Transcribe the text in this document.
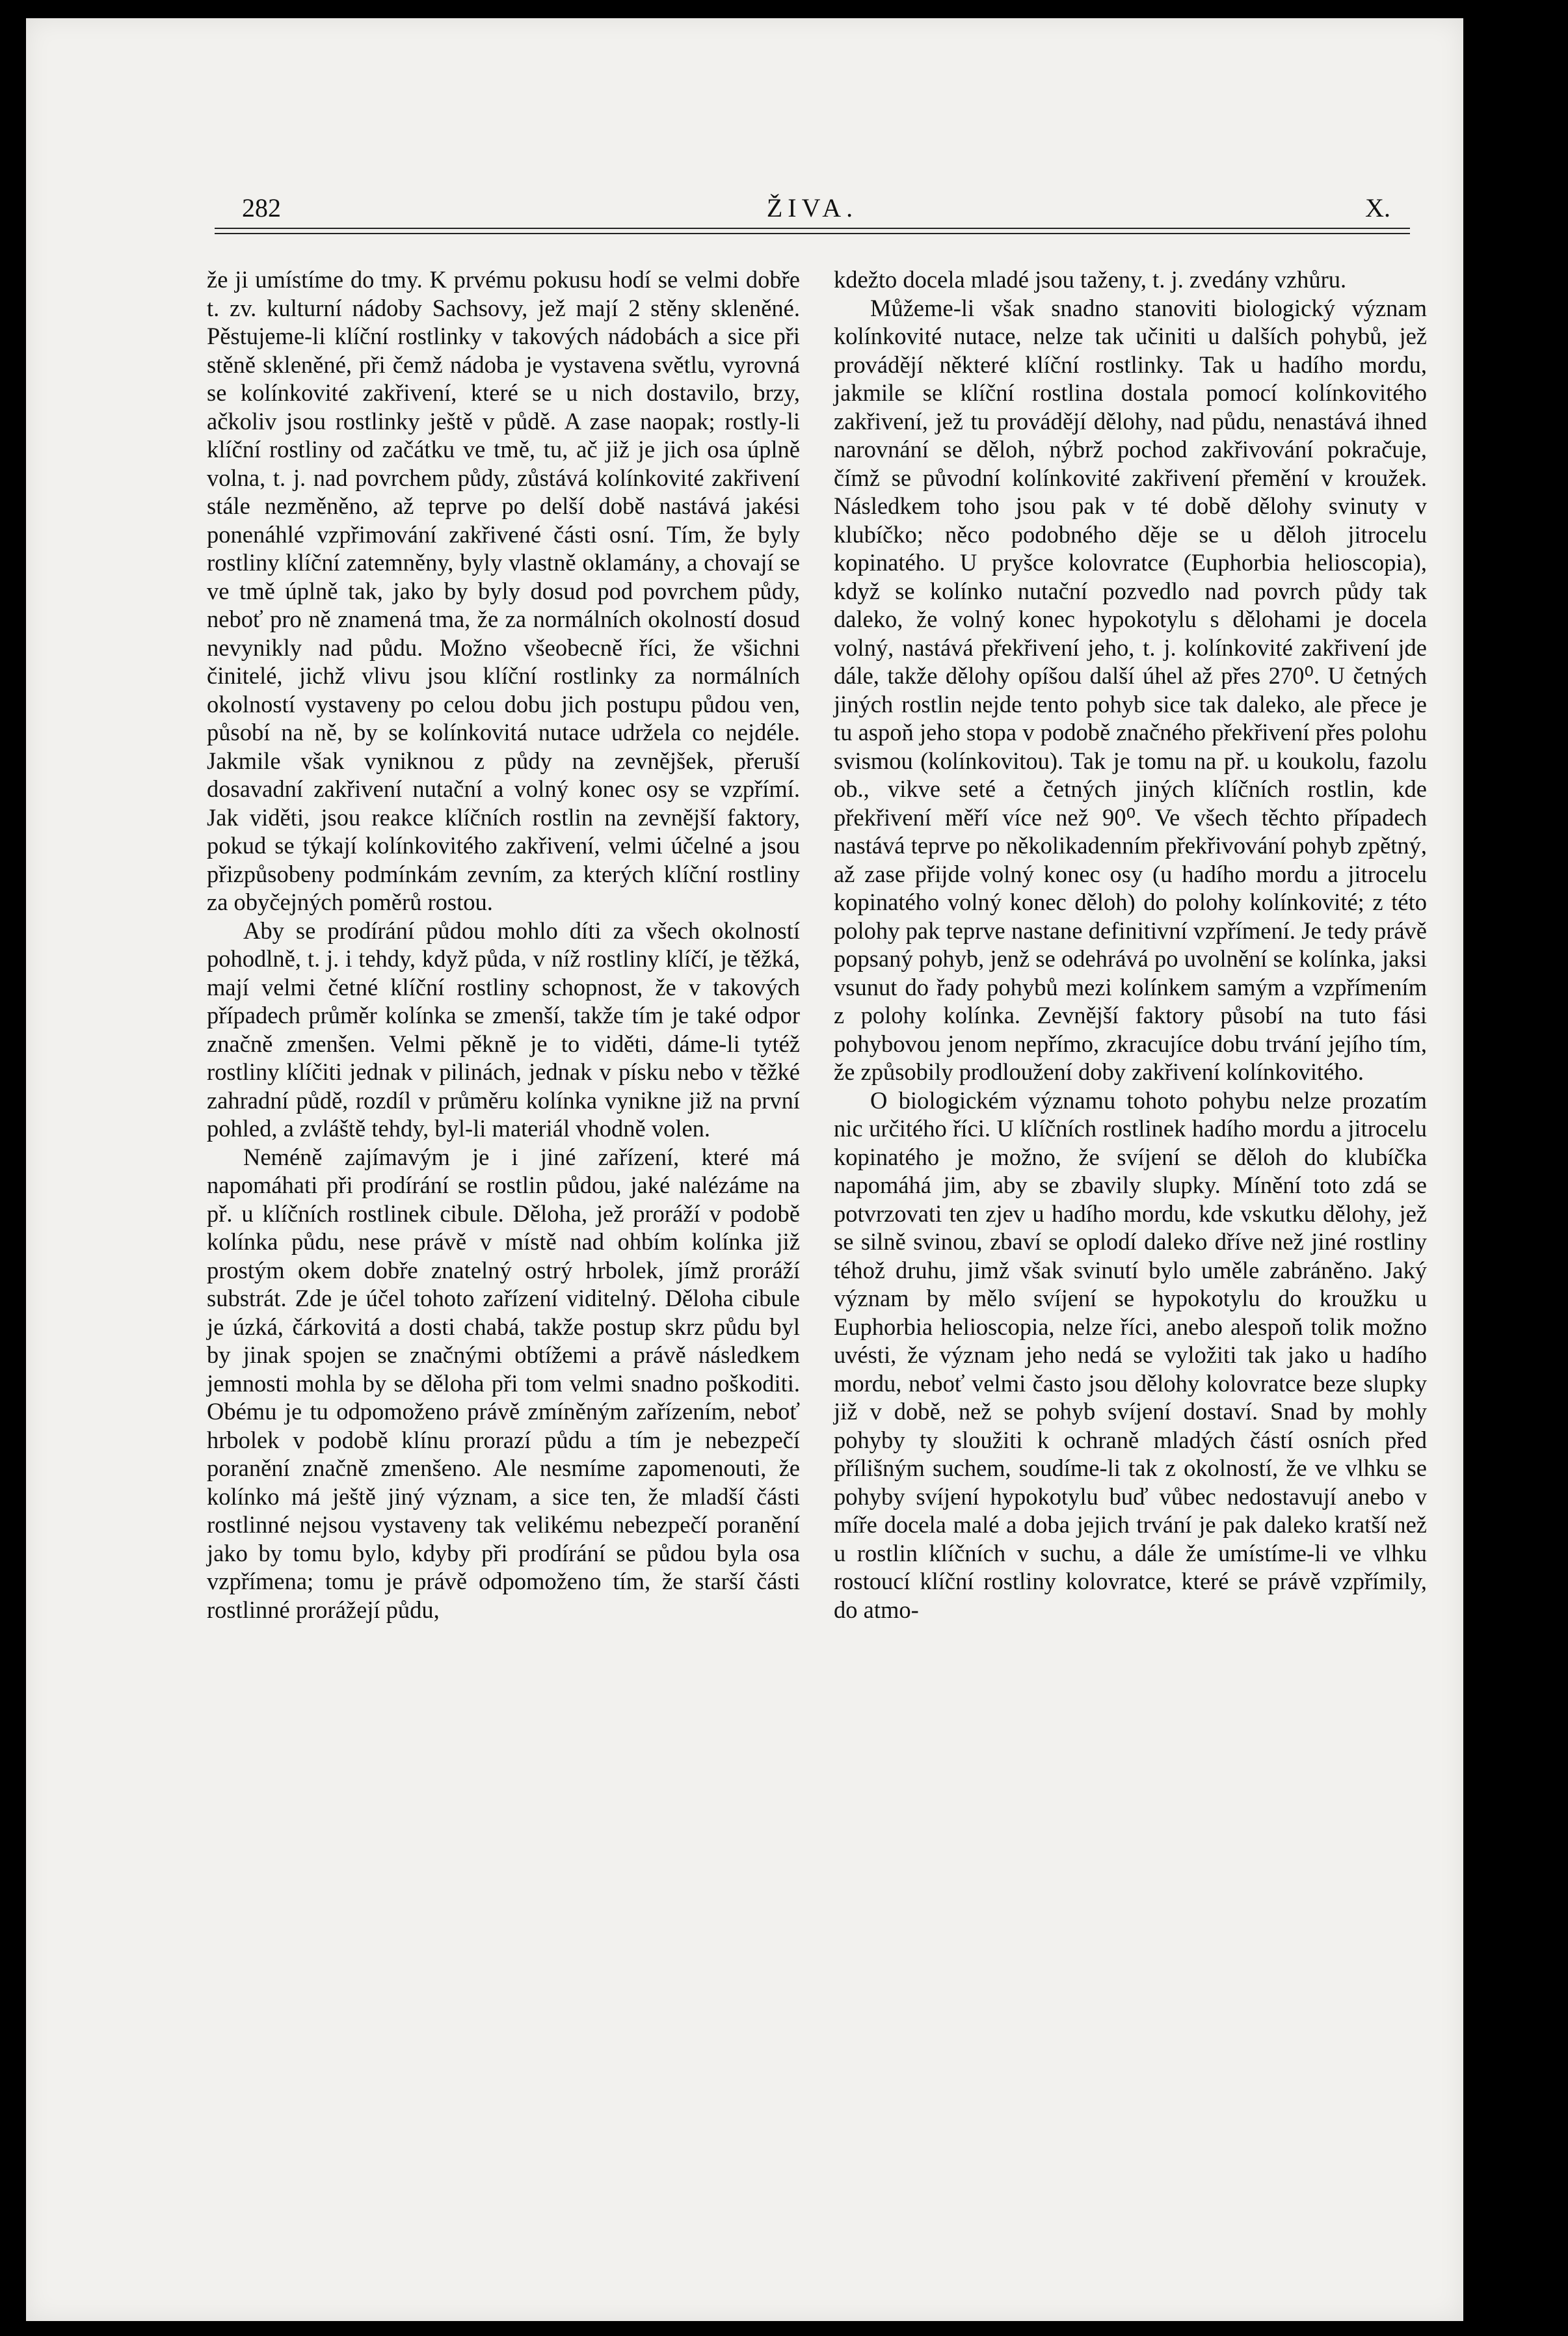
282	ŽIVA.	X.

že ji umístíme do tmy. K prvému pokusu hodí se velmi dobře t. zv. kulturní nádoby Sachsovy, jež mají 2 stěny skleněné. Pěstujeme-li klíční rostlinky v takových nádobách a sice při stěně skleněné, při čemž nádoba je vystavena světlu, vyrovná se kolínkovité zakřivení, které se u nich dostavilo, brzy, ačkoliv jsou rostlinky ještě v půdě. A zase naopak; rostly-li klíční rostliny od začátku ve tmě, tu, ač již je jich osa úplně volna, t. j. nad povrchem půdy, zůstává kolínkovité zakřivení stále nezměněno, až teprve po delší době nastává jakési ponenáhlé vzpřimování zakřivené části osní. Tím, že byly rostliny klíční zatemněny, byly vlastně oklamány, a chovají se ve tmě úplně tak, jako by byly dosud pod povrchem půdy, neboť pro ně znamená tma, že za normálních okolností dosud nevynikly nad půdu. Možno všeobecně říci, že všichni činitelé, jichž vlivu jsou klíční rostlinky za normálních okolností vystaveny po celou dobu jich postupu půdou ven, působí na ně, by se kolínkovitá nutace udržela co nejdéle. Jakmile však vyniknou z půdy na zevnějšek, přeruší dosavadní zakřivení nutační a volný konec osy se vzpřímí. Jak viděti, jsou reakce klíčních rostlin na zevnější faktory, pokud se týkají kolínkovitého zakřivení, velmi účelné a jsou přizpůsobeny podmínkám zevním, za kterých klíční rostliny za obyčejných poměrů rostou.

Aby se prodírání půdou mohlo díti za všech okolností pohodlně, t. j. i tehdy, když půda, v níž rostliny klíčí, je těžká, mají velmi četné klíční rostliny schopnost, že v takových případech průměr kolínka se zmenší, takže tím je také odpor značně zmenšen. Velmi pěkně je to viděti, dáme-li tytéž rostliny klíčiti jednak v pilinách, jednak v písku nebo v těžké zahradní půdě, rozdíl v průměru kolínka vynikne již na první pohled, a zvláště tehdy, byl-li materiál vhodně volen.

Neméně zajímavým je i jiné zařízení, které má napomáhati při prodírání se rostlin půdou, jaké nalézáme na př. u klíčních rostlinek cibule. Děloha, jež proráží v podobě kolínka půdu, nese právě v místě nad ohbím kolínka již prostým okem dobře znatelný ostrý hrbolek, jímž proráží substrát. Zde je účel tohoto zařízení viditelný. Děloha cibule je úzká, čárkovitá a dosti chabá, takže postup skrz půdu byl by jinak spojen se značnými obtížemi a právě následkem jemnosti mohla by se děloha při tom velmi snadno poškoditi. Obému je tu odpomoženo právě zmíněným zařízením, neboť hrbolek v podobě klínu prorazí půdu a tím je nebezpečí poranění značně zmenšeno. Ale nesmíme zapomenouti, že kolínko má ještě jiný význam, a sice ten, že mladší části rostlinné nejsou vystaveny tak velikému nebezpečí poranění jako by tomu bylo, kdyby při prodírání se půdou byla osa vzpřímena; tomu je právě odpomoženo tím, že starší části rostlinné prorážejí půdu,

kdežto docela mladé jsou taženy, t. j. zvedány vzhůru.

Můžeme-li však snadno stanoviti biologický význam kolínkovité nutace, nelze tak učiniti u dalších pohybů, jež provádějí některé klíční rostlinky. Tak u hadího mordu, jakmile se klíční rostlina dostala pomocí kolínkovitého zakřivení, jež tu provádějí dělohy, nad půdu, nenastává ihned narovnání se děloh, nýbrž pochod zakřivování pokračuje, čímž se původní kolínkovité zakřivení přemění v kroužek. Následkem toho jsou pak v té době dělohy svinuty v klubíčko; něco podobného děje se u děloh jitrocelu kopinatého. U pryšce kolovratce (Euphorbia helioscopia), když se kolínko nutační pozvedlo nad povrch půdy tak daleko, že volný konec hypokotylu s dělohami je docela volný, nastává překřivení jeho, t. j. kolínkovité zakřivení jde dále, takže dělohy opíšou další úhel až přes 270⁰. U četných jiných rostlin nejde tento pohyb sice tak daleko, ale přece je tu aspoň jeho stopa v podobě značného překřivení přes polohu svismou (kolínkovitou). Tak je tomu na př. u koukolu, fazolu ob., vikve seté a četných jiných klíčních rostlin, kde překřivení měří více než 90⁰. Ve všech těchto případech nastává teprve po několikadenním překřivování pohyb zpětný, až zase přijde volný konec osy (u hadího mordu a jitrocelu kopinatého volný konec děloh) do polohy kolínkovité; z této polohy pak teprve nastane definitivní vzpřímení. Je tedy právě popsaný pohyb, jenž se odehrává po uvolnění se kolínka, jaksi vsunut do řady pohybů mezi kolínkem samým a vzpřímením z polohy kolínka. Zevnější faktory působí na tuto fási pohybovou jenom nepřímo, zkracujíce dobu trvání jejího tím, že způsobily prodloužení doby zakřivení kolínkovitého.

O biologickém významu tohoto pohybu nelze prozatím nic určitého říci. U klíčních rostlinek hadího mordu a jitrocelu kopinatého je možno, že svíjení se děloh do klubíčka napomáhá jim, aby se zbavily slupky. Mínění toto zdá se potvrzovati ten zjev u hadího mordu, kde vskutku dělohy, jež se silně svinou, zbaví se oplodí daleko dříve než jiné rostliny téhož druhu, jimž však svinutí bylo uměle zabráněno. Jaký význam by mělo svíjení se hypokotylu do kroužku u Euphorbia helioscopia, nelze říci, anebo alespoň tolik možno uvésti, že význam jeho nedá se vyložiti tak jako u hadího mordu, neboť velmi často jsou dělohy kolovratce beze slupky již v době, než se pohyb svíjení dostaví. Snad by mohly pohyby ty sloužiti k ochraně mladých částí osních před přílišným suchem, soudíme-li tak z okolností, že ve vlhku se pohyby svíjení hypokotylu buď vůbec nedostavují anebo v míře docela malé a doba jejich trvání je pak daleko kratší než u rostlin klíčních v suchu, a dále že umístíme-li ve vlhku rostoucí klíční rostliny kolovratce, které se právě vzpřímily, do atmo-
